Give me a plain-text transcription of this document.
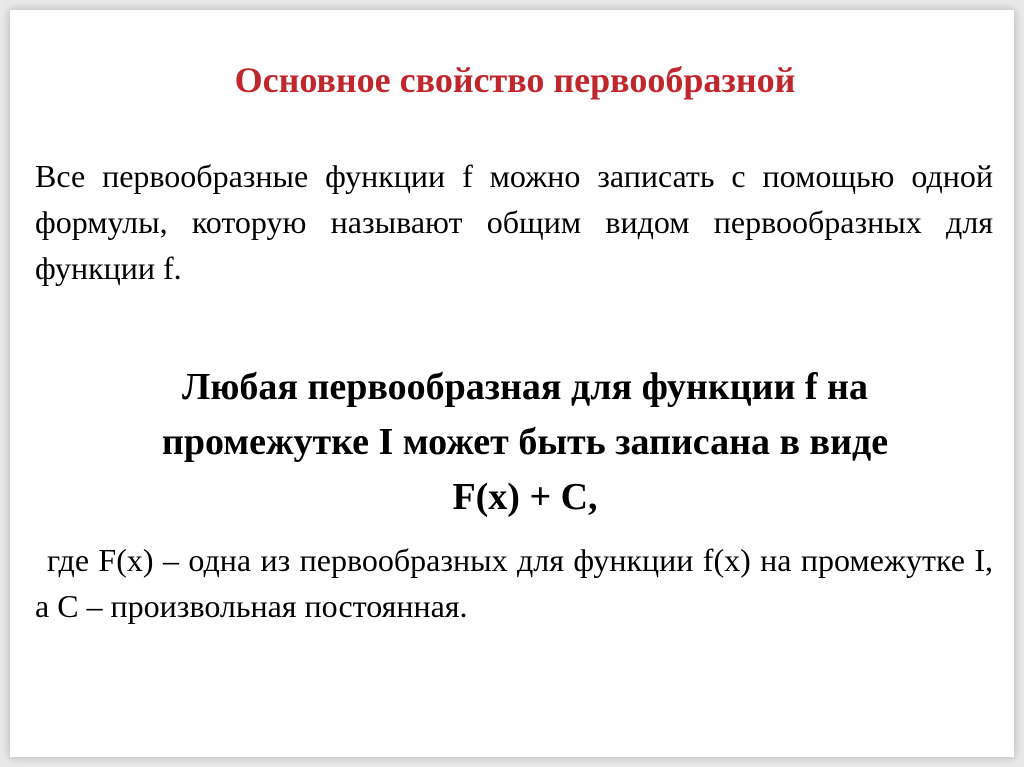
Основное свойство первообразной
Все первообразные функции f можно записать с помощью одной формулы, которую называют общим видом первообразных для функции f.
Любая первообразная для функции f на
промежутке I может быть записана в виде
F(x) + C,
где F(x) – одна из первообразных для функции f(x) на промежутке I, а C – произвольная постоянная.
